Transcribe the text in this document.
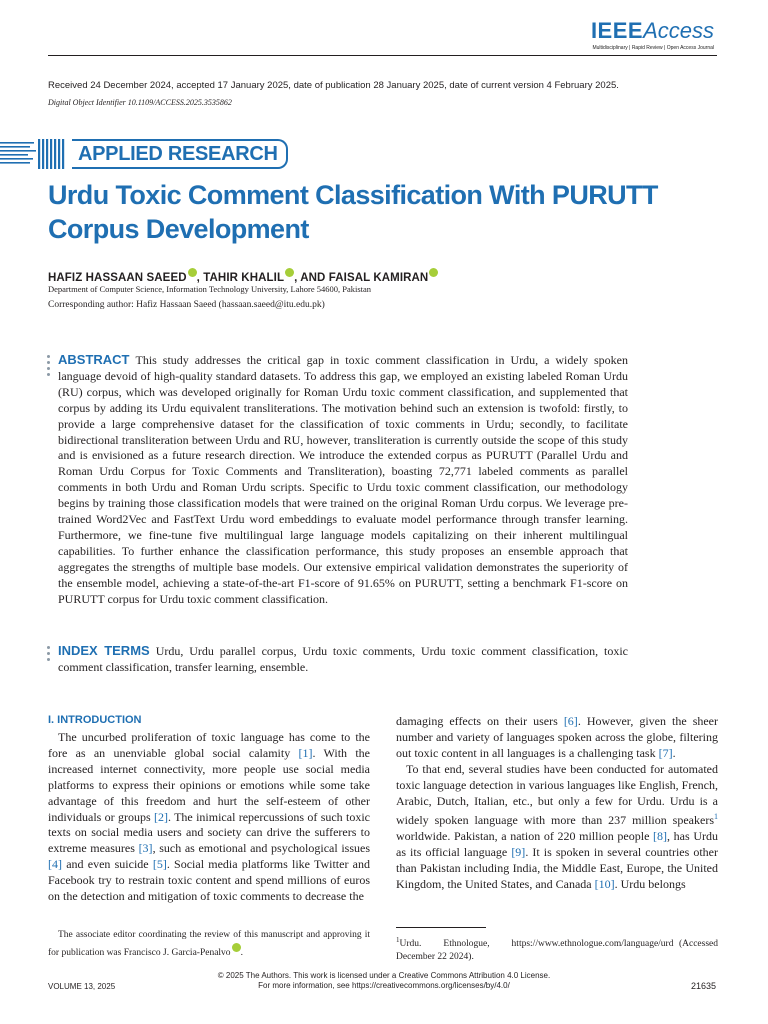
IEEEAccess
Multidisciplinary | Rapid Review | Open Access Journal
Received 24 December 2024, accepted 17 January 2025, date of publication 28 January 2025, date of current version 4 February 2025.
Digital Object Identifier 10.1109/ACCESS.2025.3535862
APPLIED RESEARCH
Urdu Toxic Comment Classification With PURUTT Corpus Development
HAFIZ HASSAAN SAEED , TAHIR KHALIL , AND FAISAL KAMIRAN
Department of Computer Science, Information Technology University, Lahore 54600, Pakistan
Corresponding author: Hafiz Hassaan Saeed (hassaan.saeed@itu.edu.pk)
ABSTRACT This study addresses the critical gap in toxic comment classification in Urdu, a widely spoken language devoid of high-quality standard datasets. To address this gap, we employed an existing labeled Roman Urdu (RU) corpus, which was developed originally for Roman Urdu toxic comment classification, and supplemented that corpus by adding its Urdu equivalent transliterations. The motivation behind such an extension is twofold: firstly, to provide a large comprehensive dataset for the classification of toxic comments in Urdu; secondly, to facilitate bidirectional transliteration between Urdu and RU, however, transliteration is currently outside the scope of this study and is envisioned as a future research direction. We introduce the extended corpus as PURUTT (Parallel Urdu and Roman Urdu Corpus for Toxic Comments and Transliteration), boasting 72,771 labeled comments as parallel comments in both Urdu and Roman Urdu scripts. Specific to Urdu toxic comment classification, our methodology begins by training those classification models that were trained on the original Roman Urdu corpus. We leverage pre-trained Word2Vec and FastText Urdu word embeddings to evaluate model performance through transfer learning. Furthermore, we fine-tune five multilingual large language models capitalizing on their inherent multilingual capabilities. To further enhance the classification performance, this study proposes an ensemble approach that aggregates the strengths of multiple base models. Our extensive empirical validation demonstrates the superiority of the ensemble model, achieving a state-of-the-art F1-score of 91.65% on PURUTT, setting a benchmark F1-score on PURUTT corpus for Urdu toxic comment classification.
INDEX TERMS Urdu, Urdu parallel corpus, Urdu toxic comments, Urdu toxic comment classification, toxic comment classification, transfer learning, ensemble.
I. INTRODUCTION
The uncurbed proliferation of toxic language has come to the fore as an unenviable global social calamity [1]. With the increased internet connectivity, more people use social media platforms to express their opinions or emotions while some take advantage of this freedom and hurt the self-esteem of other individuals or groups [2]. The inimical repercussions of such toxic texts on social media users and society can drive the sufferers to extreme measures [3], such as emotional and psychological issues [4] and even suicide [5]. Social media platforms like Twitter and Facebook try to restrain toxic content and spend millions of euros on the detection and mitigation of toxic comments to decrease the
damaging effects on their users [6]. However, given the sheer number and variety of languages spoken across the globe, filtering out toxic content in all languages is a challenging task [7].
To that end, several studies have been conducted for automated toxic language detection in various languages like English, French, Arabic, Dutch, Italian, etc., but only a few for Urdu. Urdu is a widely spoken language with more than 237 million speakers$^1$ worldwide. Pakistan, a nation of 220 million people [8], has Urdu as its official language [9]. It is spoken in several countries other than Pakistan including India, the Middle East, Europe, the United Kingdom, the United States, and Canada [10]. Urdu belongs
The associate editor coordinating the review of this manuscript and approving it for publication was Francisco J. Garcia-Penalvo .
$^1$Urdu.    Ethnologue,    https://www.ethnologue.com/language/urd (Accessed December 22 2024).
© 2025 The Authors. This work is licensed under a Creative Commons Attribution 4.0 License.
For more information, see https://creativecommons.org/licenses/by/4.0/
VOLUME 13, 2025	21635
